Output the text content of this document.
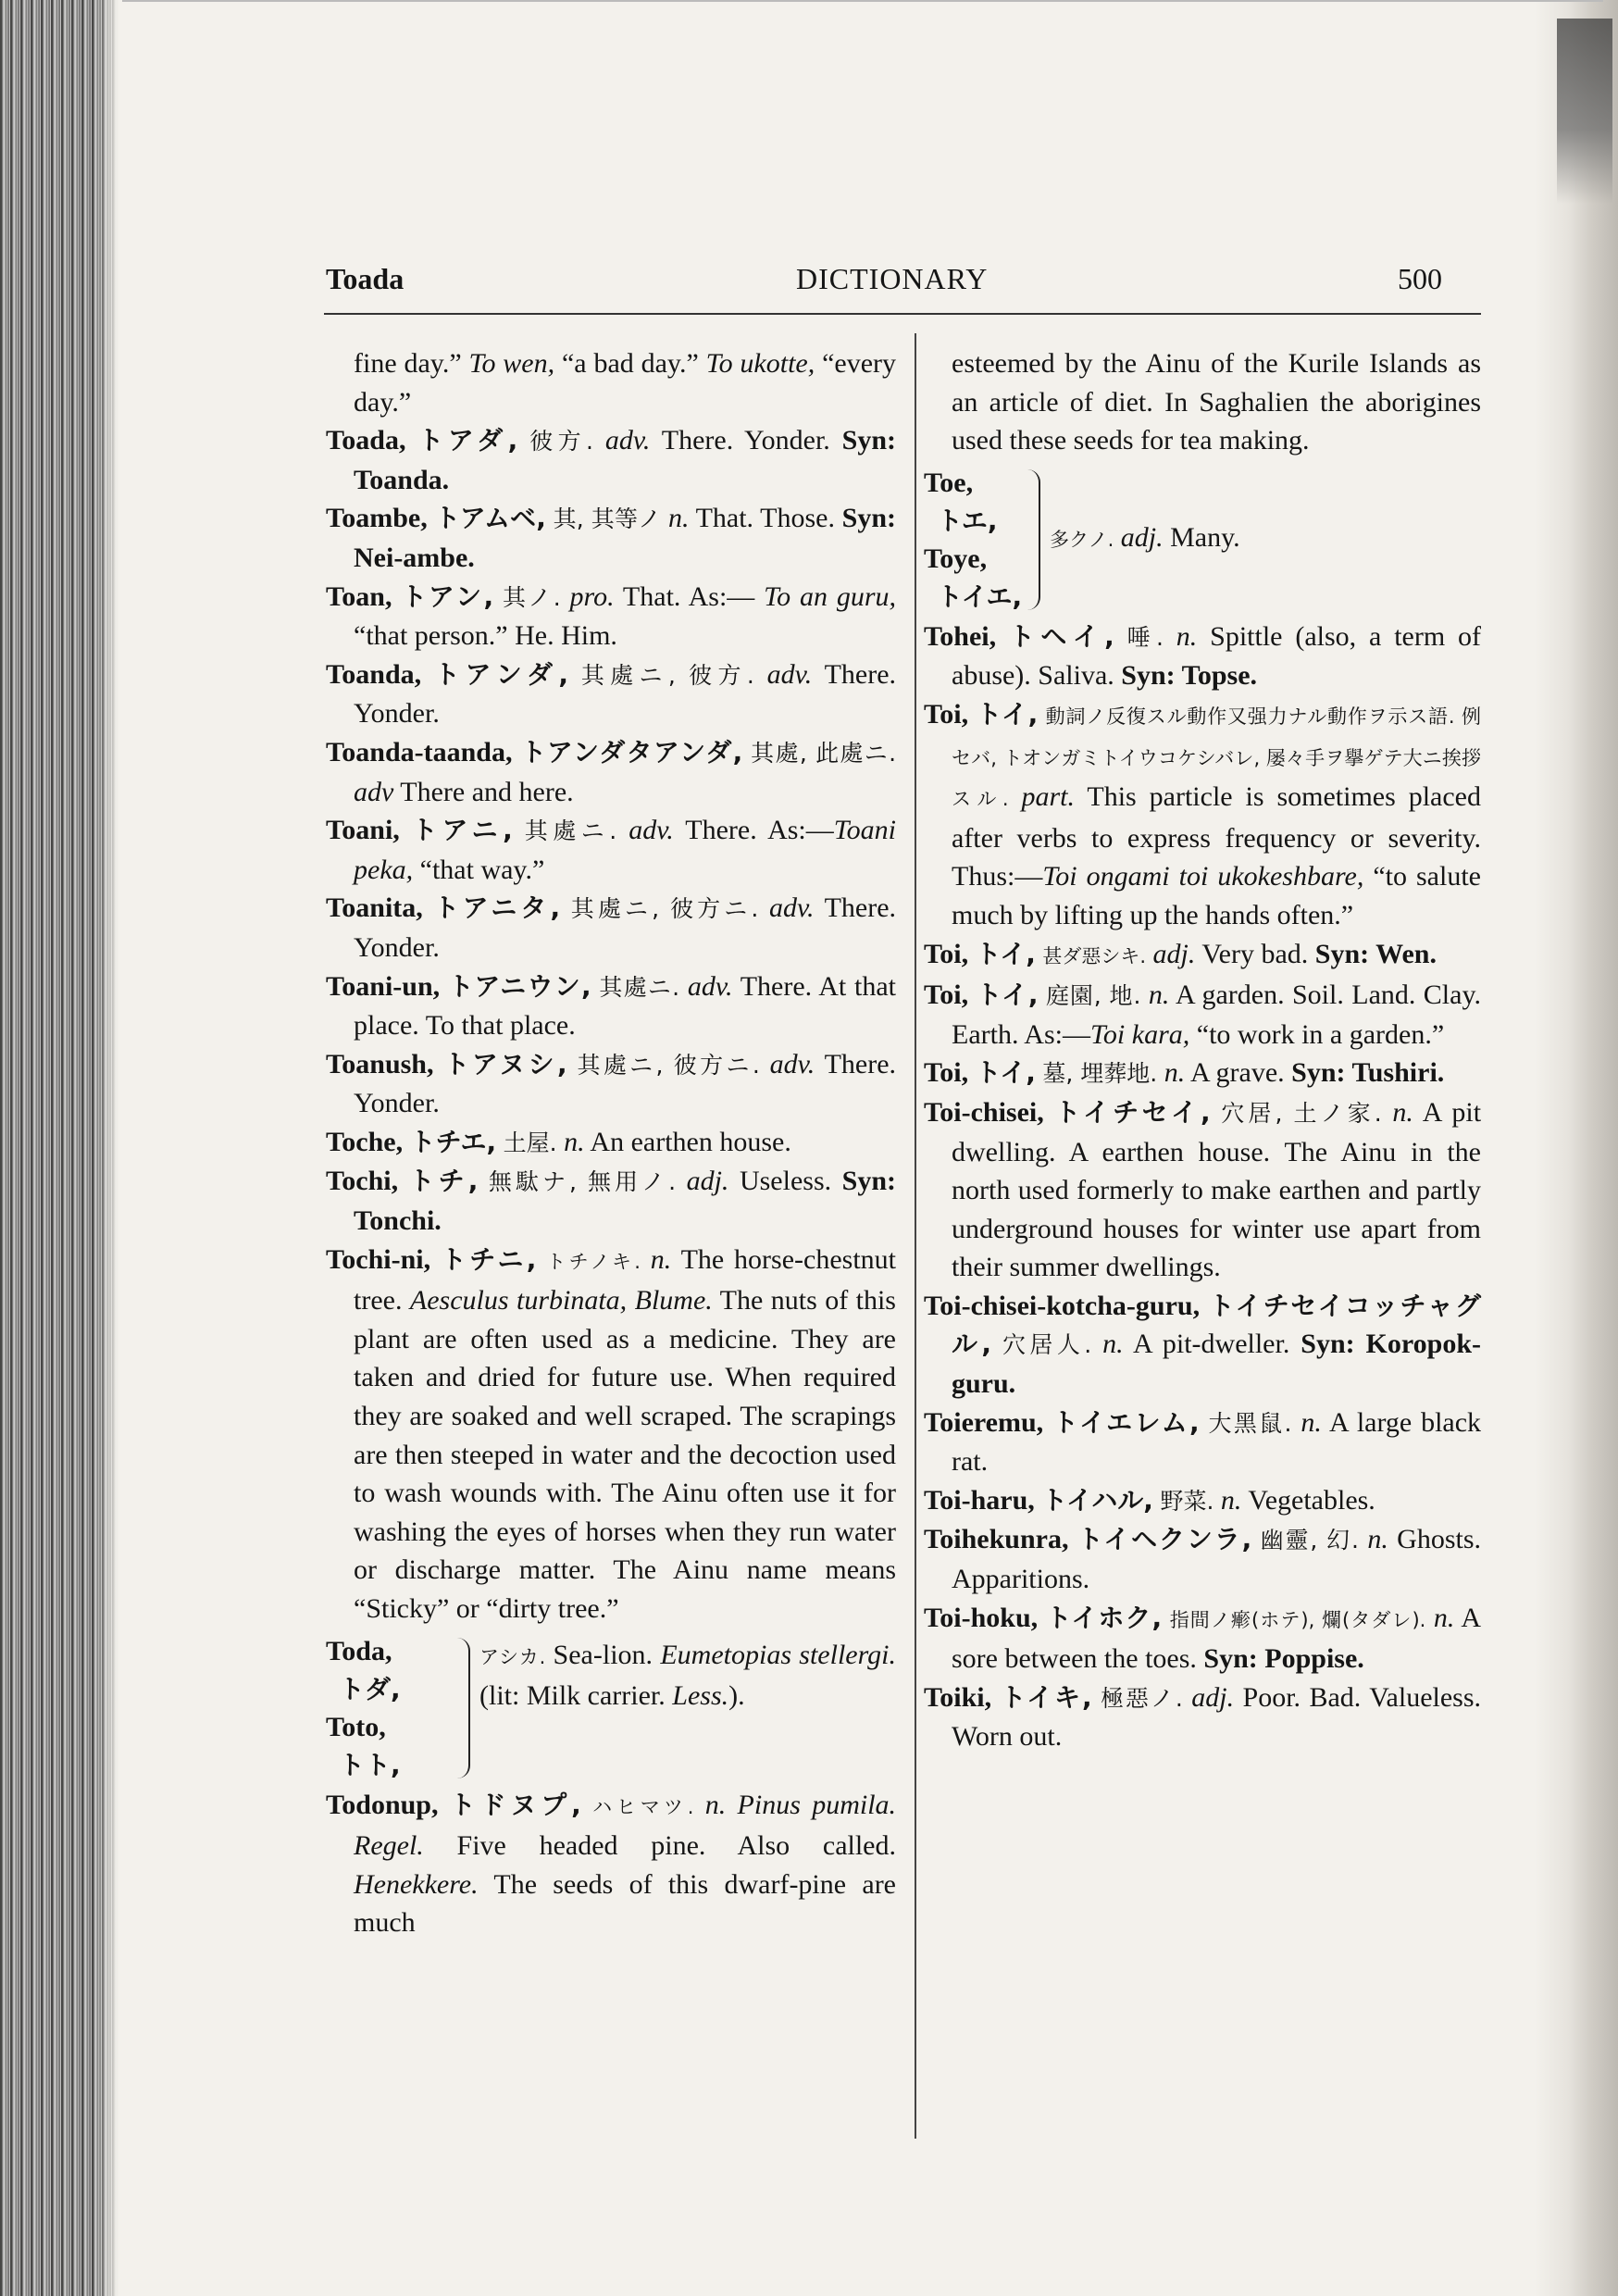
Toada	DICTIONARY	500

fine day.” To wen, “a bad day.” To ukotte, “every day.”

Toada, トアダ, 彼方. adv. There. Yonder. Syn: Toanda.

Toambe, トアムベ, 其, 其等ノ n. That. Those. Syn: Nei-ambe.

Toan, トアン, 其ノ. pro. That. As:— To an guru, “that person.” He. Him.

Toanda, トアンダ, 其處ニ, 彼方. adv. There. Yonder.

Toanda-taanda, トアンダタアンダ, 其處, 此處ニ. adv There and here.

Toani, トアニ, 其處ニ. adv. There. As:—Toani peka, “that way.”

Toanita, トアニタ, 其處ニ, 彼方ニ. adv. There. Yonder.

Toani-un, トアニウン, 其處ニ. adv. There. At that place. To that place.

Toanush, トアヌシ, 其處ニ, 彼方ニ. adv. There. Yonder.

Toche, トチエ, 土屋. n. An earthen house.

Tochi, トチ, 無駄ナ, 無用ノ. adj. Useless. Syn: Tonchi.

Tochi-ni, トチニ, トチノキ. n. The horse-chestnut tree. Aesculus turbinata, Blume. The nuts of this plant are often used as a medicine. They are taken and dried for future use. When required they are soaked and well scraped. The scrapings are then steeped in water and the decoction used to wash wounds with. The Ainu often use it for washing the eyes of horses when they run water or discharge matter. The Ainu name means “Sticky” or “dirty tree.”

Toda,
トダ,
Toto,
トト,
アシカ. Sea-lion. Eumetopias stellergi. (lit: Milk carrier. Less.).

Todonup, トドヌプ, ハヒマツ. n. Pinus pumila. Regel. Five headed pine. Also called. Henekkere. The seeds of this dwarf-pine are much

esteemed by the Ainu of the Kurile Islands as an article of diet. In Saghalien the aborigines used these seeds for tea making.

Toe,
トエ,
Toye,
トイエ,
多クノ. adj. Many.

Tohei, トヘイ, 唾. n. Spittle (also, a term of abuse). Saliva. Syn: Topse.

Toi, トイ, 動詞ノ反復スル動作又强力ナル動作ヲ示ス語. 例セバ, トオンガミトイウコケシバレ, 屡々手ヲ擧ゲテ大ニ挨拶スル. part. This particle is sometimes placed after verbs to express frequency or severity. Thus:—Toi ongami toi ukokeshbare, “to salute much by lifting up the hands often.”

Toi, トイ, 甚ダ惡シキ. adj. Very bad. Syn: Wen.

Toi, トイ, 庭園, 地. n. A garden. Soil. Land. Clay. Earth. As:—Toi kara, “to work in a garden.”

Toi, トイ, 墓, 埋葬地. n. A grave. Syn: Tushiri.

Toi-chisei, トイチセイ, 穴居, 土ノ家. n. A pit dwelling. A earthen house. The Ainu in the north used formerly to make earthen and partly underground houses for winter use apart from their summer dwellings.

Toi-chisei-kotcha-guru, トイチセイコッチャグル, 穴居人. n. A pit-dweller. Syn: Koropok-guru.

Toieremu, トイエレム, 大黑鼠. n. A large black rat.

Toi-haru, トイハル, 野菜. n. Vegetables.

Toihekunra, トイヘクンラ, 幽靈, 幻. n. Ghosts. Apparitions.

Toi-hoku, トイホク, 指間ノ𤺋(ホテ), 爛(タダレ). n. A sore between the toes. Syn: Poppise.

Toiki, トイキ, 極惡ノ. adj. Poor. Bad. Valueless. Worn out.
